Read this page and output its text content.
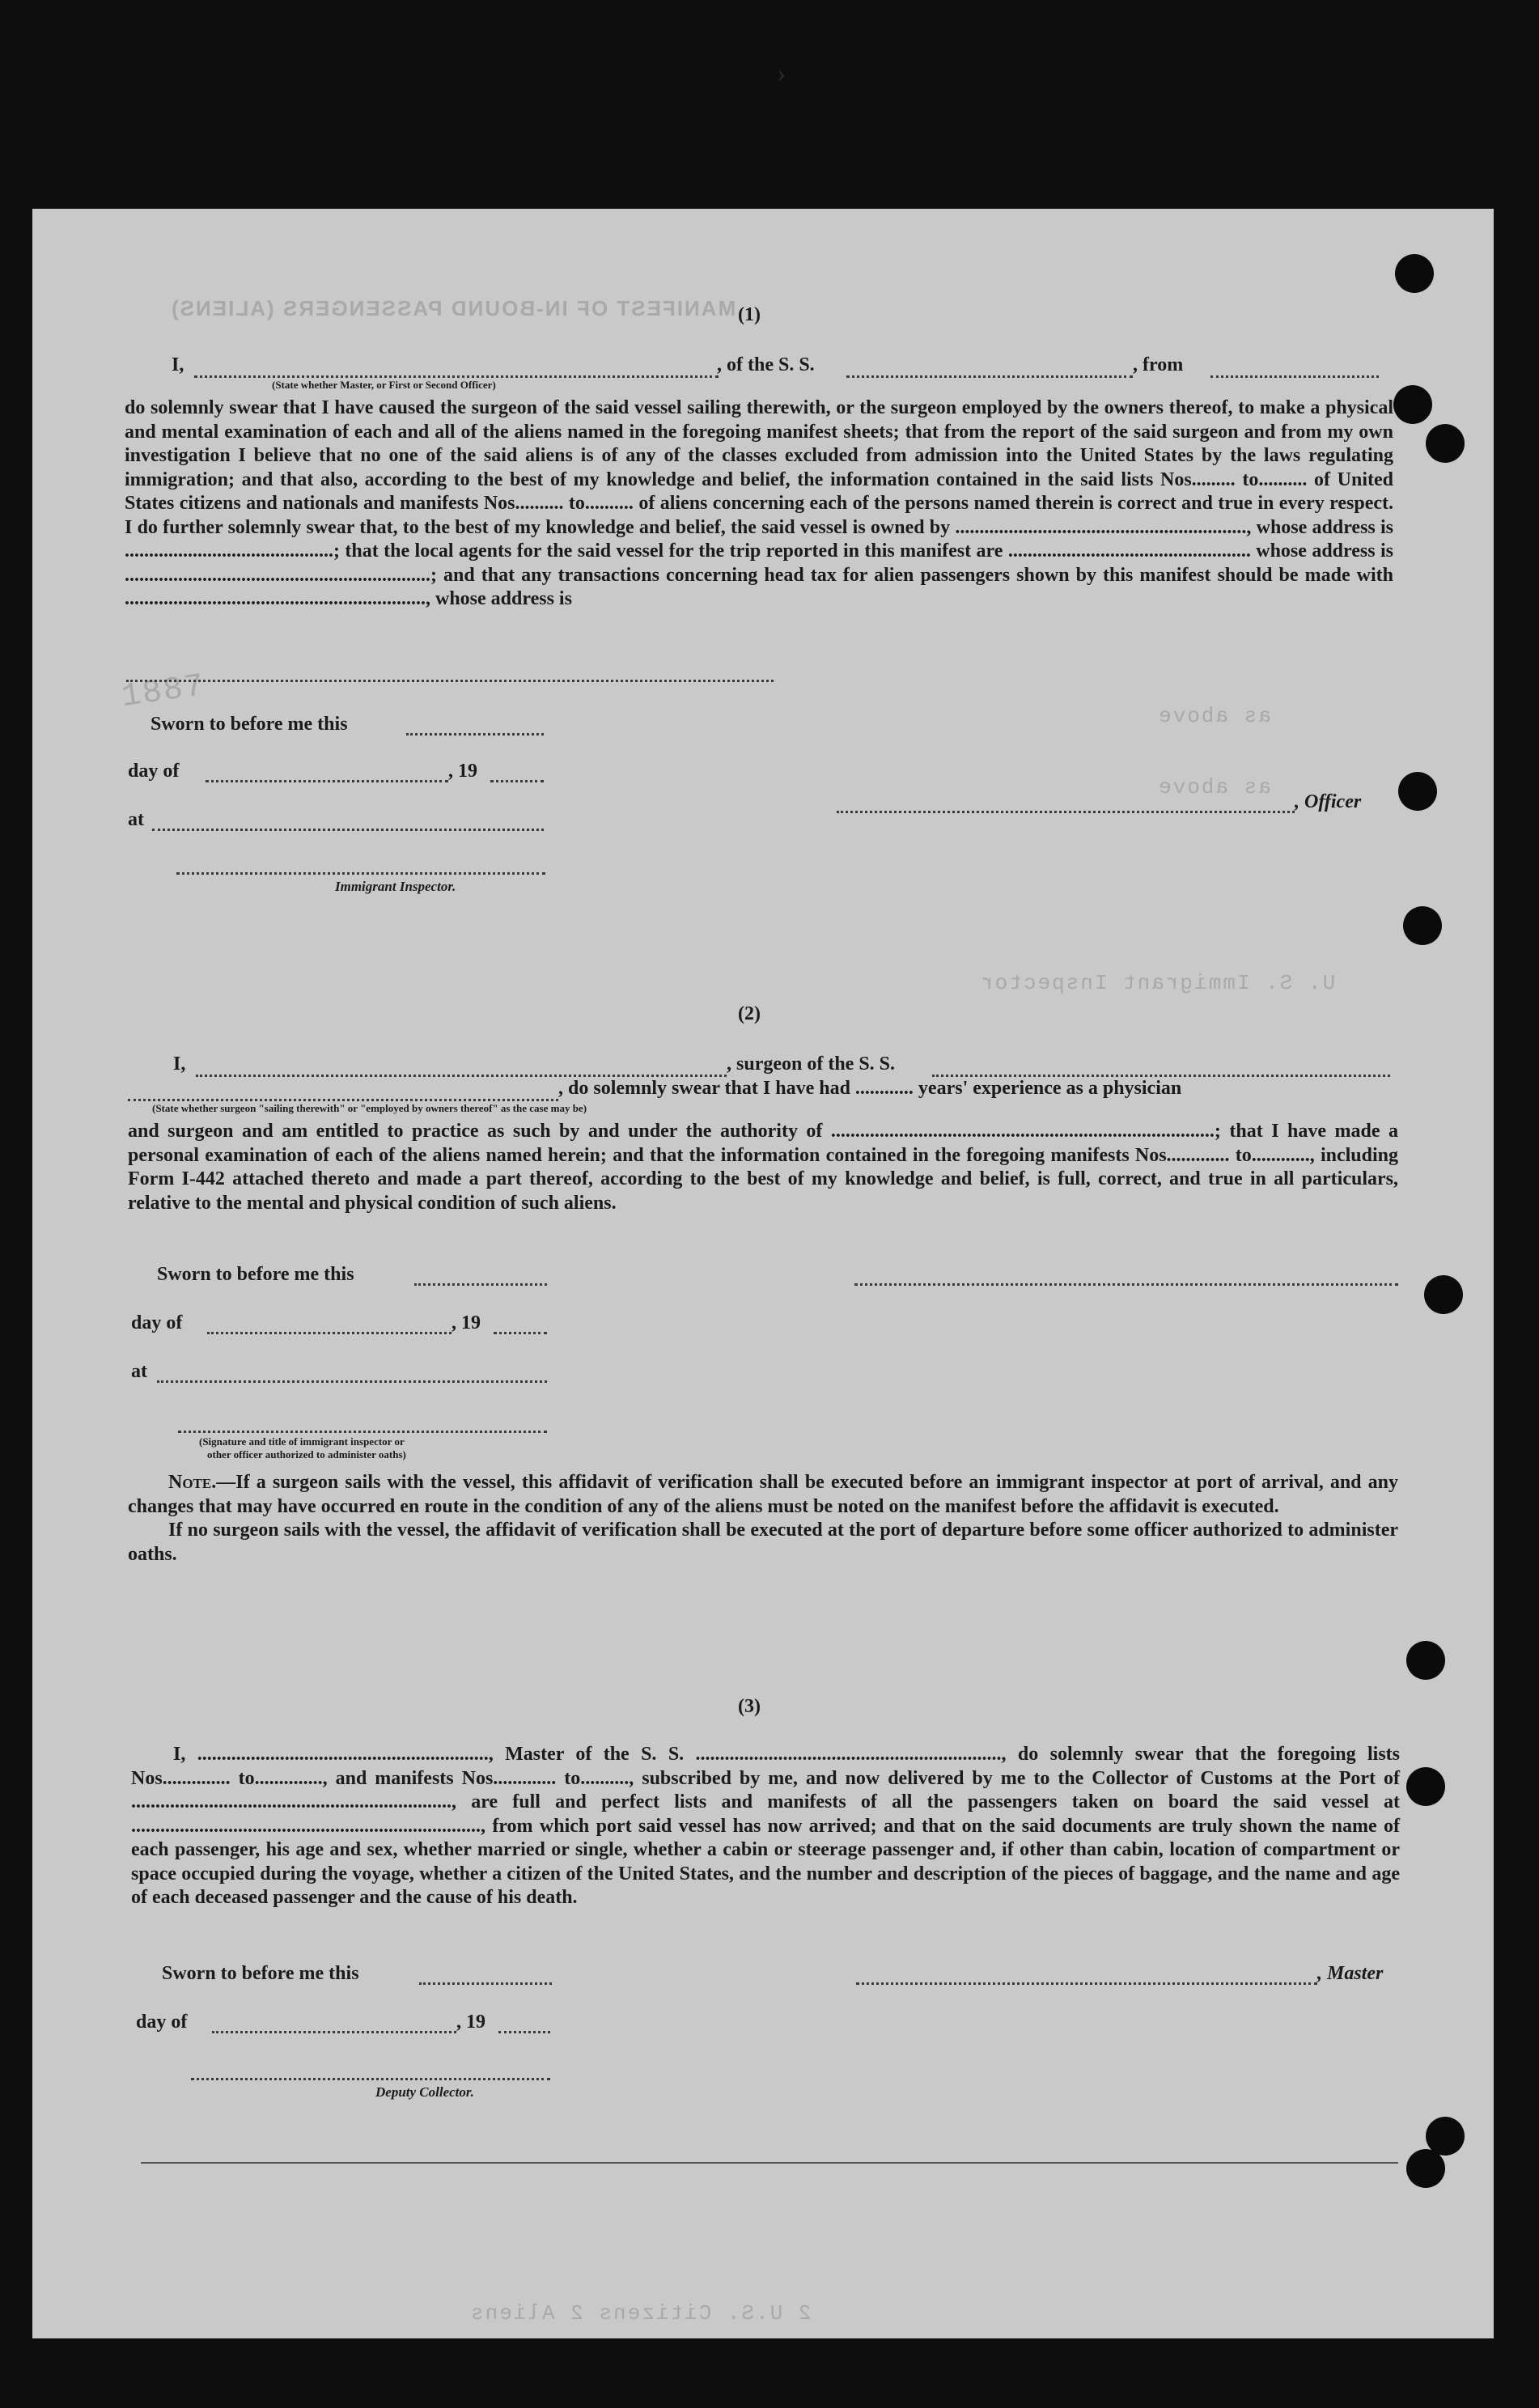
MANIFEST OF IN-BOUND PASSENGERS (ALIENS)
1887	as above
as above
U. S. Immigrant Inspector
2 U.S. Citizens 2 Aliens
(1)
I,
(State whether Master, or First or Second Officer)
, of the S. S.	, from
do solemnly swear that I have caused the surgeon of the said vessel sailing therewith, or the surgeon employed by the owners thereof, to make a physical and mental examination of each and all of the aliens named in the foregoing manifest sheets; that from the report of the said surgeon and from my own investigation I believe that no one of the said aliens is of any of the classes excluded from admission into the United States by the laws regulating immigration; and that also, according to the best of my knowledge and belief, the information contained in the said lists Nos......... to.......... of United States citizens and nationals and manifests Nos.......... to.......... of aliens concerning each of the persons named therein is correct and true in every respect. I do further solemnly swear that, to the best of my knowledge and belief, the said vessel is owned by ............................................................, whose address is ...........................................; that the local agents for the said vessel for the trip reported in this manifest are .................................................. whose address is ...............................................................; and that any transactions concerning head tax for alien passengers shown by this manifest should be made with .............................................................., whose address is
Sworn to before me this
day of	, 19
at
Immigrant Inspector.
, Officer
(2)
I,	, surgeon of the S. S.
, do solemnly swear that I have had ............ years' experience as a physician
(State whether surgeon "sailing therewith" or "employed by owners thereof" as the case may be)
and surgeon and am entitled to practice as such by and under the authority of ...............................................................................; that I have made a personal examination of each of the aliens named herein; and that the information contained in the foregoing manifests Nos............. to............, including Form I-442 attached thereto and made a part thereof, according to the best of my knowledge and belief, is full, correct, and true in all particulars, relative to the mental and physical condition of such aliens.
Sworn to before me this
day of	, 19
at
(Signature and title of immigrant inspector or
other officer authorized to administer oaths)

Note.—If a surgeon sails with the vessel, this affidavit of verification shall be executed before an immigrant inspector at port of arrival, and any changes that may have occurred en route in the condition of any of the aliens must be noted on the manifest before the affidavit is executed.

If no surgeon sails with the vessel, the affidavit of verification shall be executed at the port of departure before some officer authorized to administer oaths.

(3)
I, ............................................................, Master of the S. S. ..............................................................., do solemnly swear that the foregoing lists Nos.............. to.............., and manifests Nos............. to.........., subscribed by me, and now delivered by me to the Collector of Customs at the Port of .................................................................., are full and perfect lists and manifests of all the passengers taken on board the said vessel at ........................................................................, from which port said vessel has now arrived; and that on the said documents are truly shown the name of each passenger, his age and sex, whether married or single, whether a cabin or steerage passenger and, if other than cabin, location of compartment or space occupied during the voyage, whether a citizen of the United States, and the number and description of the pieces of baggage, and the name and age of each deceased passenger and the cause of his death.
Sworn to before me this	, Master
day of	, 19
Deputy Collector.
›
